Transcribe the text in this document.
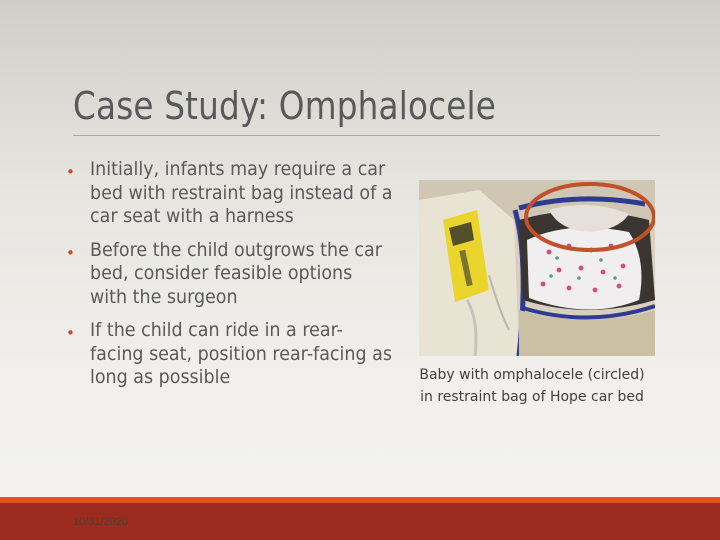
Case Study: Omphalocele
• Initially, infants may require a car bed with restraint bag instead of a car seat with a harness
• Before the child outgrows the car bed, consider feasible options with the surgeon
• If the child can ride in a rear-facing seat, position rear-facing as long as possible	Baby with omphalocele (circled)
in restraint bag of Hope car bed
10/31/2020
